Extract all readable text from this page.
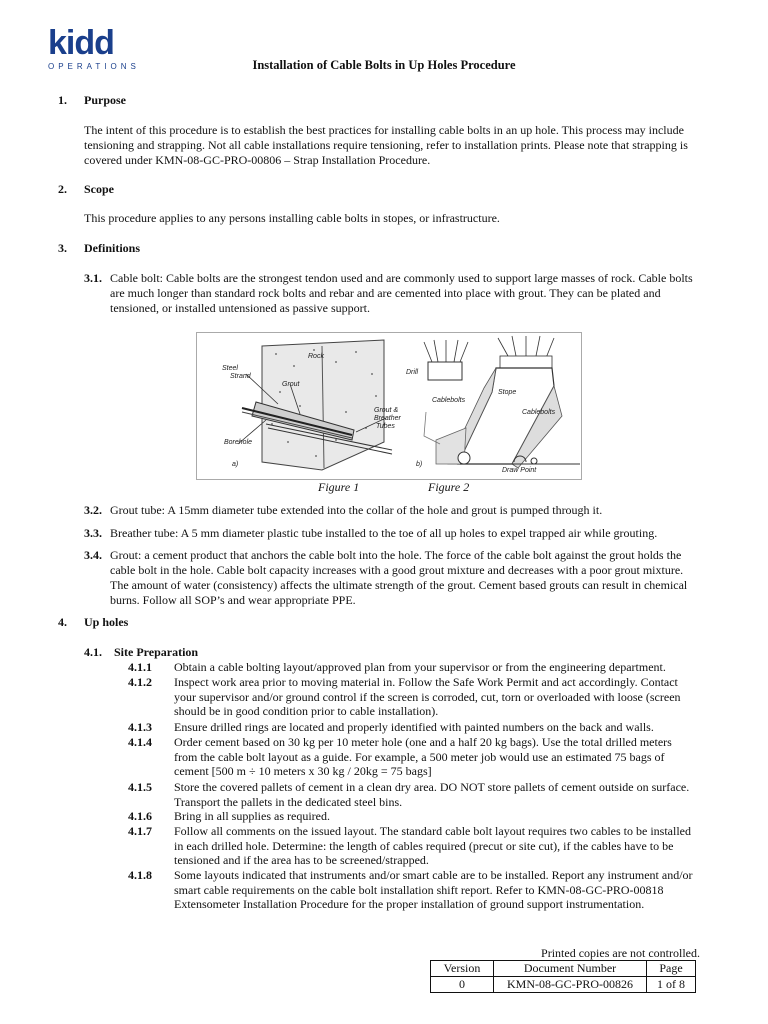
kidd
OPERATIONS	Installation of Cable Bolts in Up Holes Procedure
1. Purpose
The intent of this procedure is to establish the best practices for installing cable bolts in an up hole. This process may include tensioning and strapping. Not all cable installations require tensioning, refer to installation prints. Please note that strapping is covered under KMN-08-GC-PRO-00806 – Strap Installation Procedure.
2. Scope
This procedure applies to any persons installing cable bolts in stopes, or infrastructure.
3. Definitions
3.1. Cable bolt: Cable bolts are the strongest tendon used and are commonly used to support large masses of rock. Cable bolts are much longer than standard rock bolts and rebar and are cemented into place with grout. They can be plated and tensioned, or installed untensioned as passive support.
Rock
Steel
Strand
Grout
Grout &
Breather
Tubes
Borehole
a)	b)
Drill
Cablebolts
Stope
Cablebolts
Draw Point
Figure 1	Figure 2
3.2. Grout tube: A 15mm diameter tube extended into the collar of the hole and grout is pumped through it.
3.3. Breather tube: A 5 mm diameter plastic tube installed to the toe of all up holes to expel trapped air while grouting.
3.4. Grout: a cement product that anchors the cable bolt into the hole. The force of the cable bolt against the grout holds the cable bolt in the hole. Cable bolt capacity increases with a good grout mixture and decreases with a poor grout mixture. The amount of water (consistency) affects the ultimate strength of the grout. Cement based grouts can result in chemical burns. Follow all SOP’s and wear appropriate PPE.
4. Up holes
4.1. Site Preparation
4.1.1 Obtain a cable bolting layout/approved plan from your supervisor or from the engineering department.
4.1.2 Inspect work area prior to moving material in. Follow the Safe Work Permit and act accordingly. Contact your supervisor and/or ground control if the screen is corroded, cut, torn or overloaded with loose (screen should be in good condition prior to cable installation).
4.1.3 Ensure drilled rings are located and properly identified with painted numbers on the back and walls.
4.1.4 Order cement based on 30 kg per 10 meter hole (one and a half 20 kg bags). Use the total drilled meters from the cable bolt layout as a guide. For example, a 500 meter job would use an estimated 75 bags of cement [500 m ÷ 10 meters x 30 kg / 20kg = 75 bags]
4.1.5 Store the covered pallets of cement in a clean dry area. DO NOT store pallets of cement outside on surface. Transport the pallets in the dedicated steel bins.
4.1.6 Bring in all supplies as required.
4.1.7 Follow all comments on the issued layout. The standard cable bolt layout requires two cables to be installed in each drilled hole. Determine: the length of cables required (precut or site cut), if the cables have to be tensioned and if the area has to be screened/strapped.
4.1.8 Some layouts indicated that instruments and/or smart cable are to be installed. Report any instrument and/or smart cable requirements on the cable bolt installation shift report. Refer to KMN-08-GC-PRO-00818 Extensometer Installation Procedure for the proper installation of ground support instrumentation.
Printed copies are not controlled.
Version	Document Number	Page
0	KMN-08-GC-PRO-00826	1 of 8
